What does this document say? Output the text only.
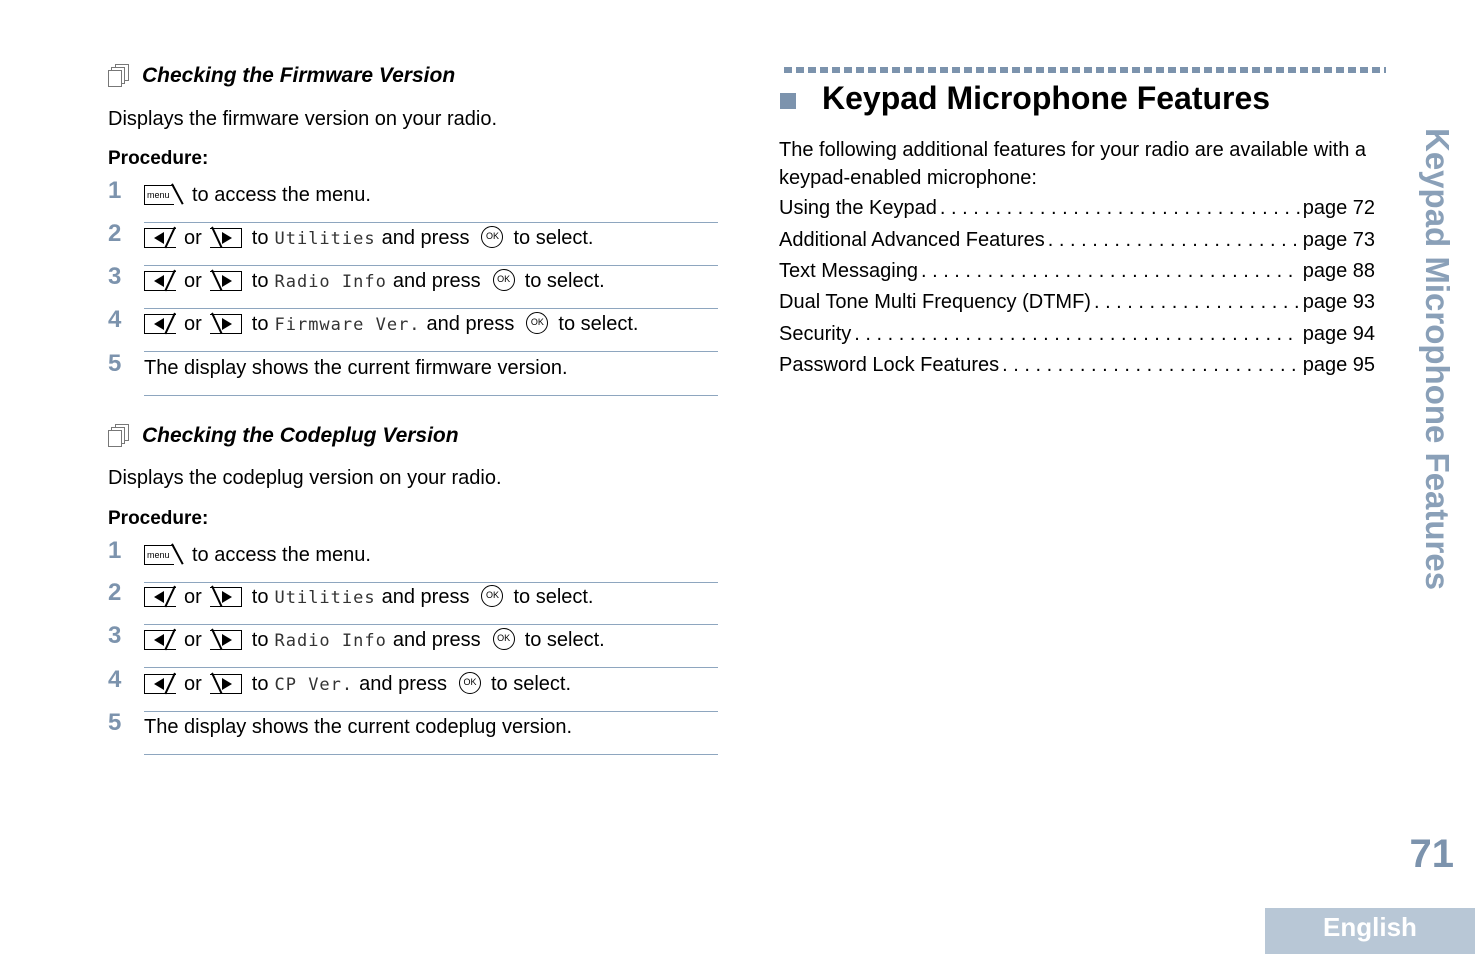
Checking the Firmware Version
Displays the firmware version on your radio.
Procedure:
1	menu to access the menu.
2	or	to Utilities and press	OK to select.
3	or	to Radio Info and press	OK to select.
4	or	to Firmware Ver. and press	OK to select.
5	The display shows the current firmware version.
Checking the Codeplug Version
Displays the codeplug version on your radio.
Procedure:
1	menu to access the menu.
2	or	to Utilities and press	OK to select.
3	or	to Radio Info and press	OK to select.
4	or	to CP Ver. and press	OK to select.
5	The display shows the current codeplug version.
Keypad Microphone Features
The following additional features for your radio are available with a keypad-enabled microphone:
Using the Keypad . . .	page 72
Additional Advanced Features . . .	page 73
Text Messaging . . .	page 88
Dual Tone Multi Frequency (DTMF) . . .	page 93
Security . . .	page 94
Password Lock Features . . .	page 95 Keypad Microphone Features
71
English
